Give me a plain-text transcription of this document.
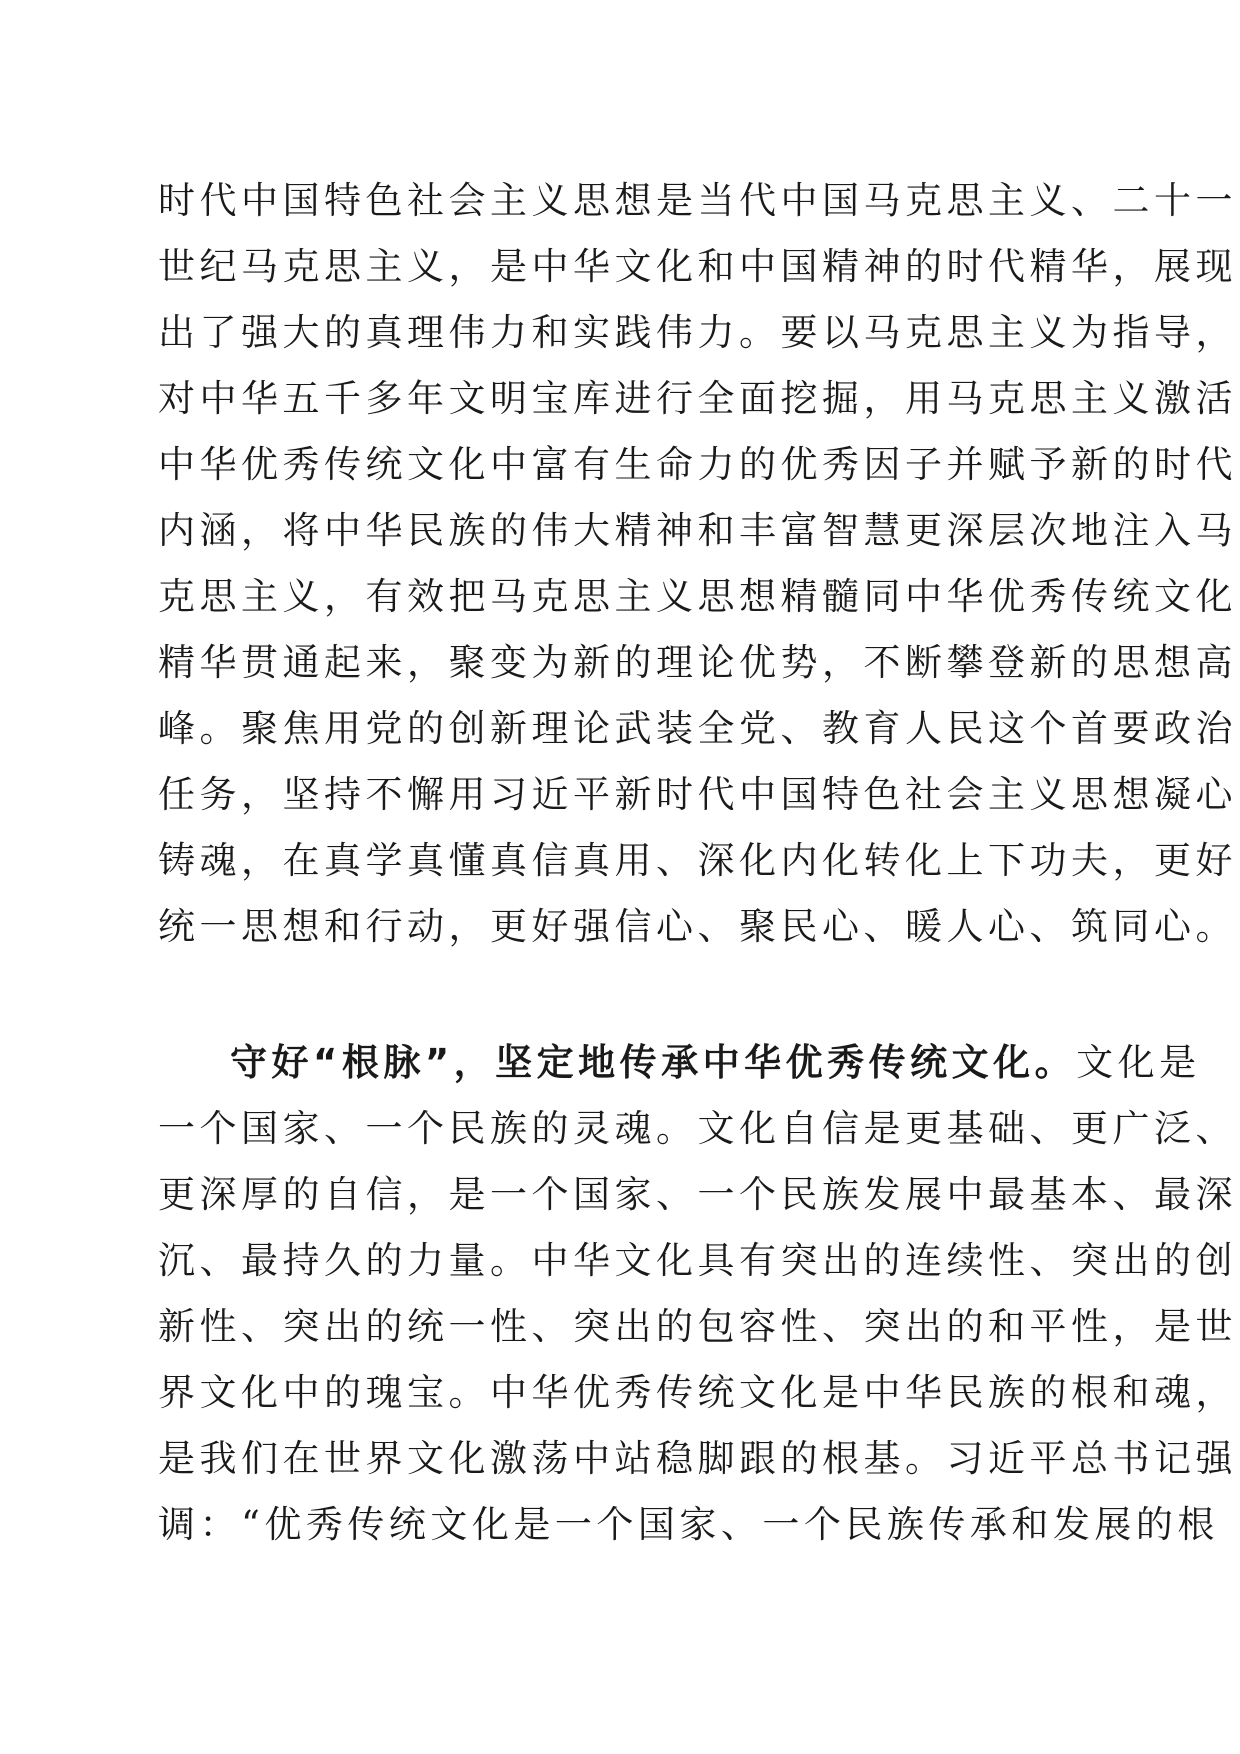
时代中国特色社会主义思想是当代中国马克思主义、二十一
世纪马克思主义，是中华文化和中国精神的时代精华，展现
出了强大的真理伟力和实践伟力。要以马克思主义为指导，
对中华五千多年文明宝库进行全面挖掘，用马克思主义激活
中华优秀传统文化中富有生命力的优秀因子并赋予新的时代
内涵，将中华民族的伟大精神和丰富智慧更深层次地注入马
克思主义，有效把马克思主义思想精髓同中华优秀传统文化
精华贯通起来，聚变为新的理论优势，不断攀登新的思想高
峰。聚焦用党的创新理论武装全党、教育人民这个首要政治
任务，坚持不懈用习近平新时代中国特色社会主义思想凝心
铸魂，在真学真懂真信真用、深化内化转化上下功夫，更好
统一思想和行动，更好强信心、聚民心、暖人心、筑同心。
守好“根脉”，坚定地传承中华优秀传统文化。文化是
一个国家、一个民族的灵魂。文化自信是更基础、更广泛、
更深厚的自信，是一个国家、一个民族发展中最基本、最深
沉、最持久的力量。中华文化具有突出的连续性、突出的创
新性、突出的统一性、突出的包容性、突出的和平性，是世
界文化中的瑰宝。中华优秀传统文化是中华民族的根和魂，
是我们在世界文化激荡中站稳脚跟的根基。习近平总书记强
调：“优秀传统文化是一个国家、一个民族传承和发展的根
